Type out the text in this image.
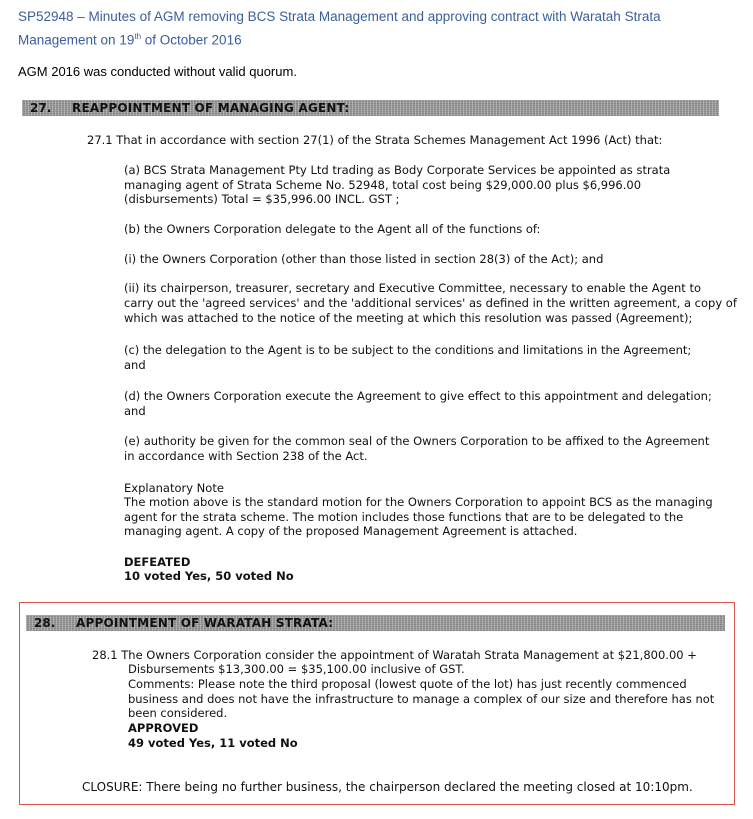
SP52948 – Minutes of AGM removing BCS Strata Management and approving contract with Waratah Strata Management on 19th of October 2016
AGM 2016 was conducted without valid quorum.
27. REAPPOINTMENT OF MANAGING AGENT:
27.1 That in accordance with section 27(1) of the Strata Schemes Management Act 1996 (Act) that:
(a) BCS Strata Management Pty Ltd trading as Body Corporate Services be appointed as strata
managing agent of Strata Scheme No. 52948, total cost being $29,000.00 plus $6,996.00
(disbursements) Total = $35,996.00 INCL. GST ;
(b) the Owners Corporation delegate to the Agent all of the functions of:
(i) the Owners Corporation (other than those listed in section 28(3) of the Act); and
(ii) its chairperson, treasurer, secretary and Executive Committee, necessary to enable the Agent to
carry out the 'agreed services' and the 'additional services' as defined in the written agreement, a copy of
which was attached to the notice of the meeting at which this resolution was passed (Agreement);
(c) the delegation to the Agent is to be subject to the conditions and limitations in the Agreement;
and
(d) the Owners Corporation execute the Agreement to give effect to this appointment and delegation;
and
(e) authority be given for the common seal of the Owners Corporation to be affixed to the Agreement
in accordance with Section 238 of the Act.
Explanatory Note
The motion above is the standard motion for the Owners Corporation to appoint BCS as the managing
agent for the strata scheme. The motion includes those functions that are to be delegated to the
managing agent. A copy of the proposed Management Agreement is attached.
DEFEATED
10 voted Yes, 50 voted No
28. APPOINTMENT OF WARATAH STRATA:
28.1 The Owners Corporation consider the appointment of Waratah Strata Management at $21,800.00 +
Disbursements $13,300.00 = $35,100.00 inclusive of GST.
Comments: Please note the third proposal (lowest quote of the lot) has just recently commenced
business and does not have the infrastructure to manage a complex of our size and therefore has not
been considered.
APPROVED
49 voted Yes, 11 voted No
CLOSURE: There being no further business, the chairperson declared the meeting closed at 10:10pm.
